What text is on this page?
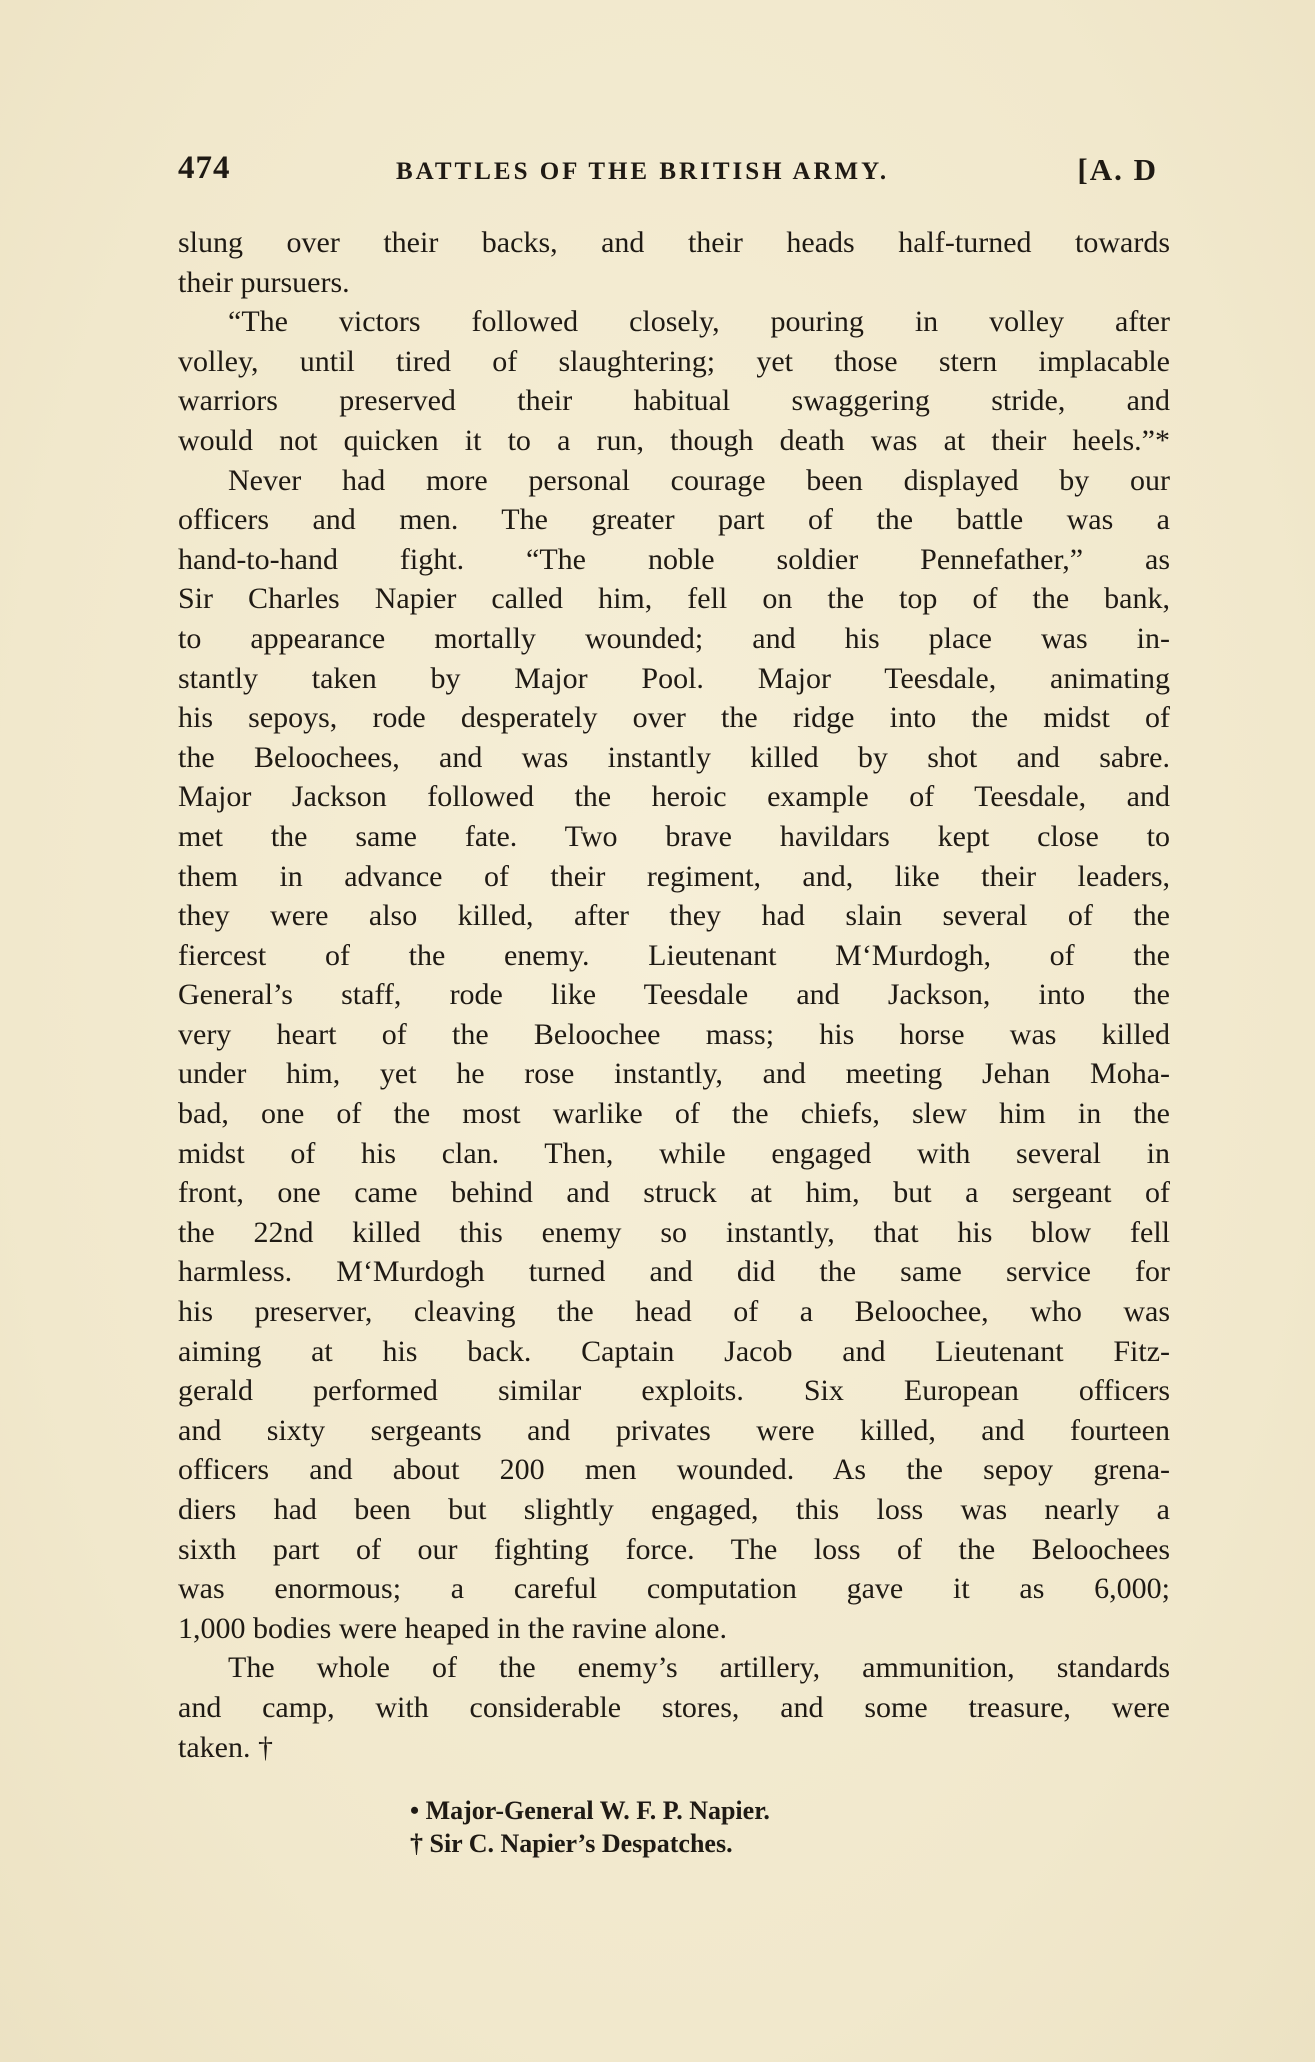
474	BATTLES OF THE BRITISH ARMY.	[A. D
slung over their backs, and their heads half-turned towards
their pursuers.
“The victors followed closely, pouring in volley after
volley, until tired of slaughtering; yet those stern implacable
warriors preserved their habitual swaggering stride, and
would not quicken it to a run, though death was at their heels.”*
Never had more personal courage been displayed by our
officers and men. The greater part of the battle was a
hand-to-hand fight. “The noble soldier Pennefather,” as
Sir Charles Napier called him, fell on the top of the bank,
to appearance mortally wounded; and his place was in-
stantly taken by Major Pool. Major Teesdale, animating
his sepoys, rode desperately over the ridge into the midst of
the Beloochees, and was instantly killed by shot and sabre.
Major Jackson followed the heroic example of Teesdale, and
met the same fate. Two brave havildars kept close to
them in advance of their regiment, and, like their leaders,
they were also killed, after they had slain several of the
fiercest of the enemy. Lieutenant M‘Murdogh, of the
General’s staff, rode like Teesdale and Jackson, into the
very heart of the Beloochee mass; his horse was killed
under him, yet he rose instantly, and meeting Jehan Moha-
bad, one of the most warlike of the chiefs, slew him in the
midst of his clan. Then, while engaged with several in
front, one came behind and struck at him, but a sergeant of
the 22nd killed this enemy so instantly, that his blow fell
harmless. M‘Murdogh turned and did the same service for
his preserver, cleaving the head of a Beloochee, who was
aiming at his back. Captain Jacob and Lieutenant Fitz-
gerald performed similar exploits. Six European officers
and sixty sergeants and privates were killed, and fourteen
officers and about 200 men wounded. As the sepoy grena-
diers had been but slightly engaged, this loss was nearly a
sixth part of our fighting force. The loss of the Beloochees
was enormous; a careful computation gave it as 6,000;
1,000 bodies were heaped in the ravine alone.
The whole of the enemy’s artillery, ammunition, standards
and camp, with considerable stores, and some treasure, were
taken. †
• Major-General W. F. P. Napier.
† Sir C. Napier’s Despatches.
